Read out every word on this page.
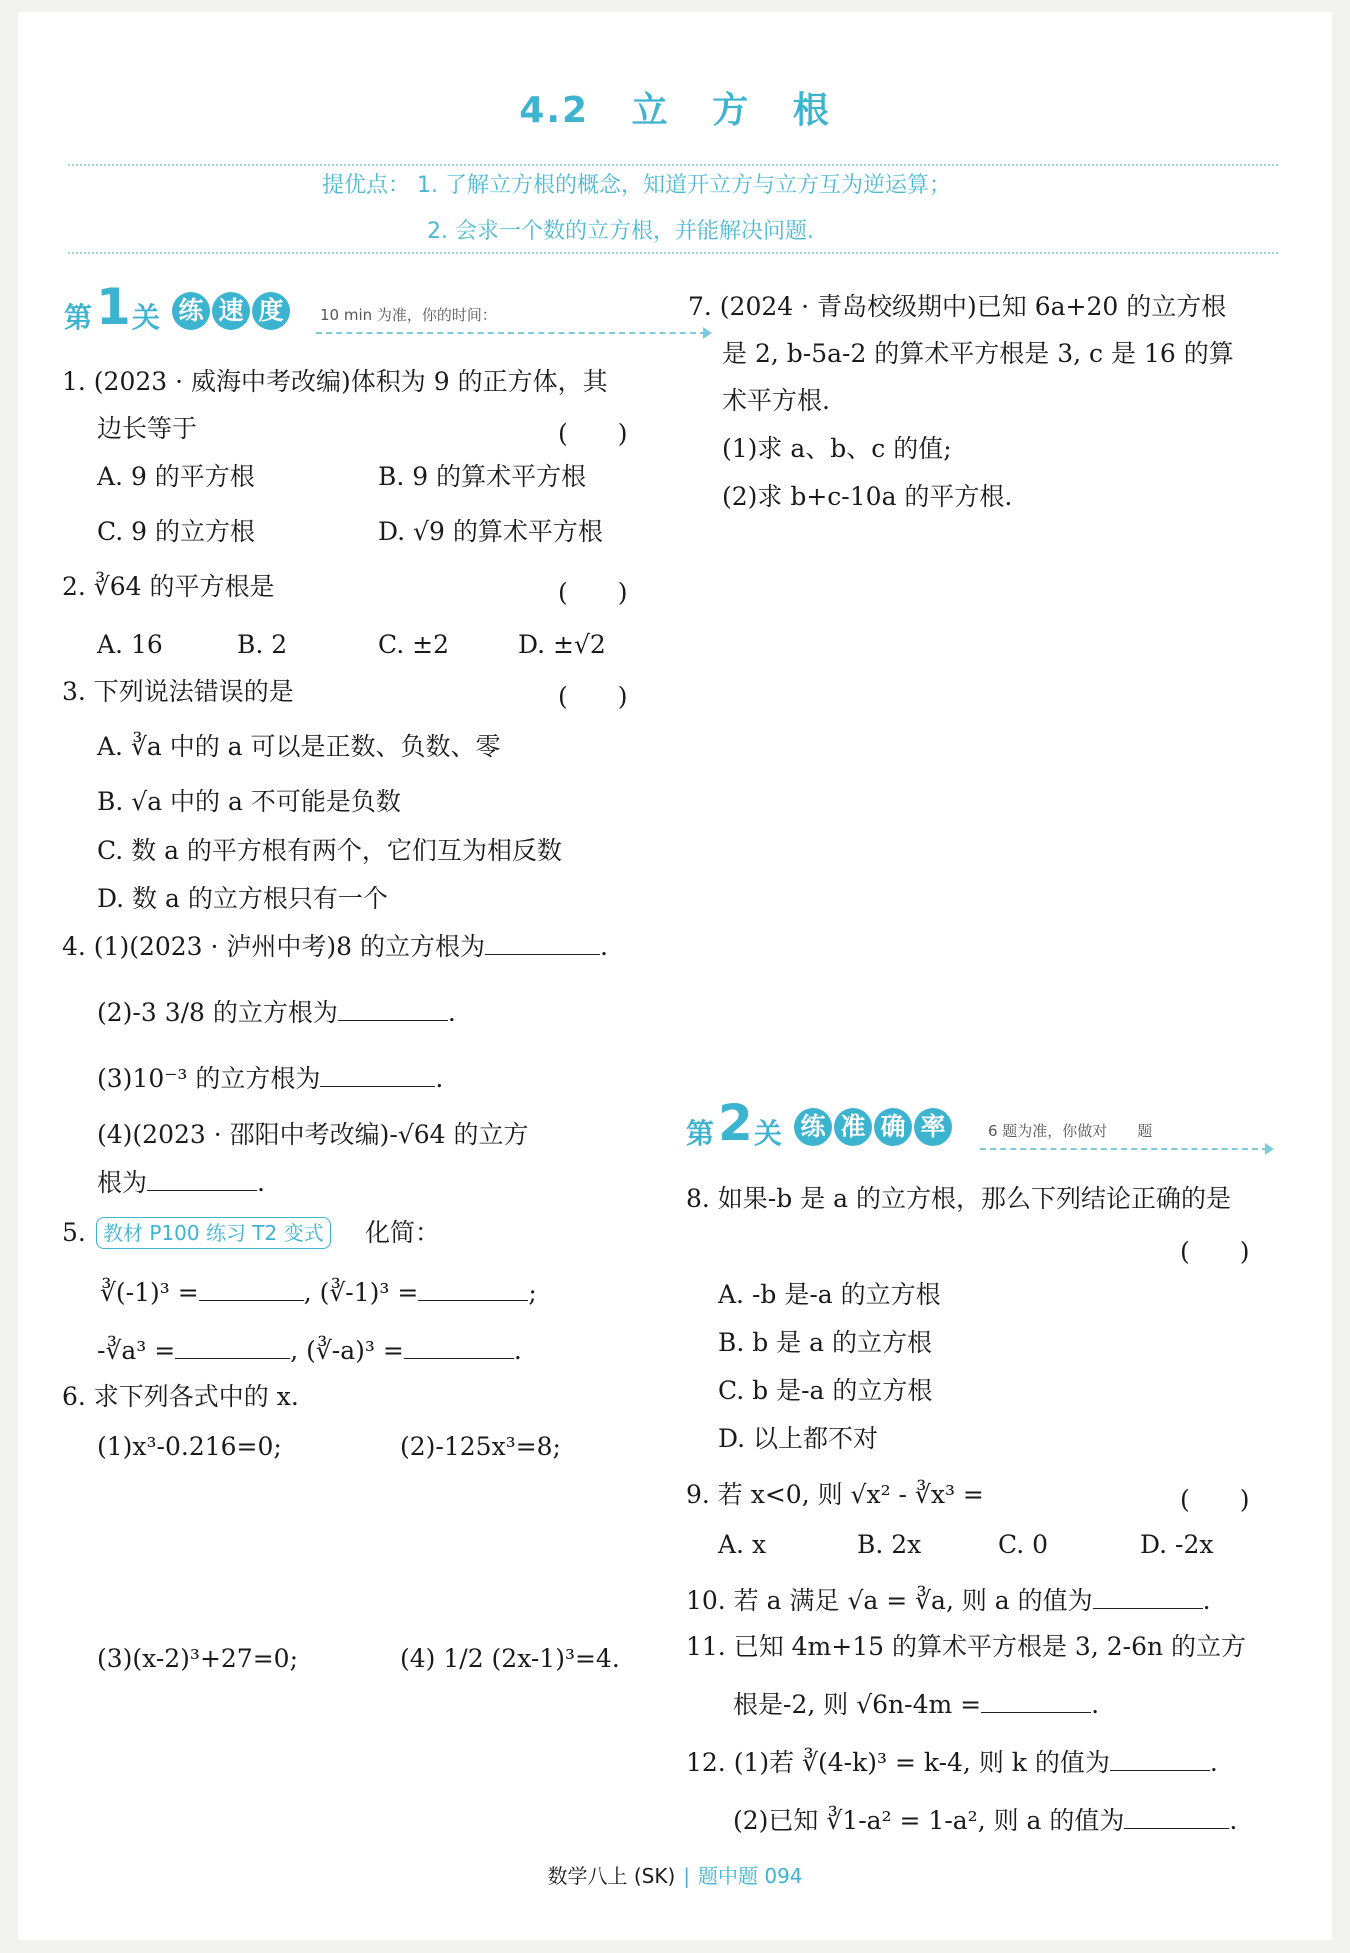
4.2 立 方 根
提优点： 1. 了解立方根的概念，知道开立方与立方互为逆运算；
2. 会求一个数的立方根，并能解决问题.
第 1 关 练 速 度	10 min 为准，你的时间：
1. (2023 · 威海中考改编)体积为 9 的正方体，其
边长等于	(　　)
A. 9 的平方根	B. 9 的算术平方根
C. 9 的立方根	D. √9 的算术平方根
2. ∛64 的平方根是	(　　)
A. 16	B. 2	C. ±2	D. ±√2
3. 下列说法错误的是	(　　)
A. ∛a 中的 a 可以是正数、负数、零
B. √a 中的 a 不可能是负数
C. 数 a 的平方根有两个，它们互为相反数
D. 数 a 的立方根只有一个
4. (1)(2023 · 泸州中考)8 的立方根为	.
(2)-3 3/8 的立方根为	.
(3)10⁻³ 的立方根为	.
(4)(2023 · 邵阳中考改编)-√64 的立方
根为	.
5. 教材 P100 练习 T2 变式 化简：
∛(-1)³ =	, (∛-1)³ =	;
-∛a³ =	, (∛-a)³ =	.
6. 求下列各式中的 x.
(1)x³-0.216=0;	(2)-125x³=8;
(3)(x-2)³+27=0;	(4) 1/2 (2x-1)³=4.
7. (2024 · 青岛校级期中)已知 6a+20 的立方根
是 2, b-5a-2 的算术平方根是 3, c 是 16 的算
术平方根.
(1)求 a、b、c 的值;
(2)求 b+c-10a 的平方根.
第 2 关 练 准 确 率	6 题为准，你做对　　题
8. 如果-b 是 a 的立方根，那么下列结论正确的是
(　　)
A. -b 是-a 的立方根
B. b 是 a 的立方根
C. b 是-a 的立方根
D. 以上都不对
9. 若 x<0, 则 √x² - ∛x³ =	(　　)
A. x	B. 2x	C. 0	D. -2x
10. 若 a 满足 √a = ∛a, 则 a 的值为	.
11. 已知 4m+15 的算术平方根是 3, 2-6n 的立方
根是-2, 则 √6n-4m =	.
12. (1)若 ∛(4-k)³ = k-4, 则 k 的值为	.
(2)已知 ∛1-a² = 1-a², 则 a 的值为	.
数学八上 (SK) | 题中题 094
